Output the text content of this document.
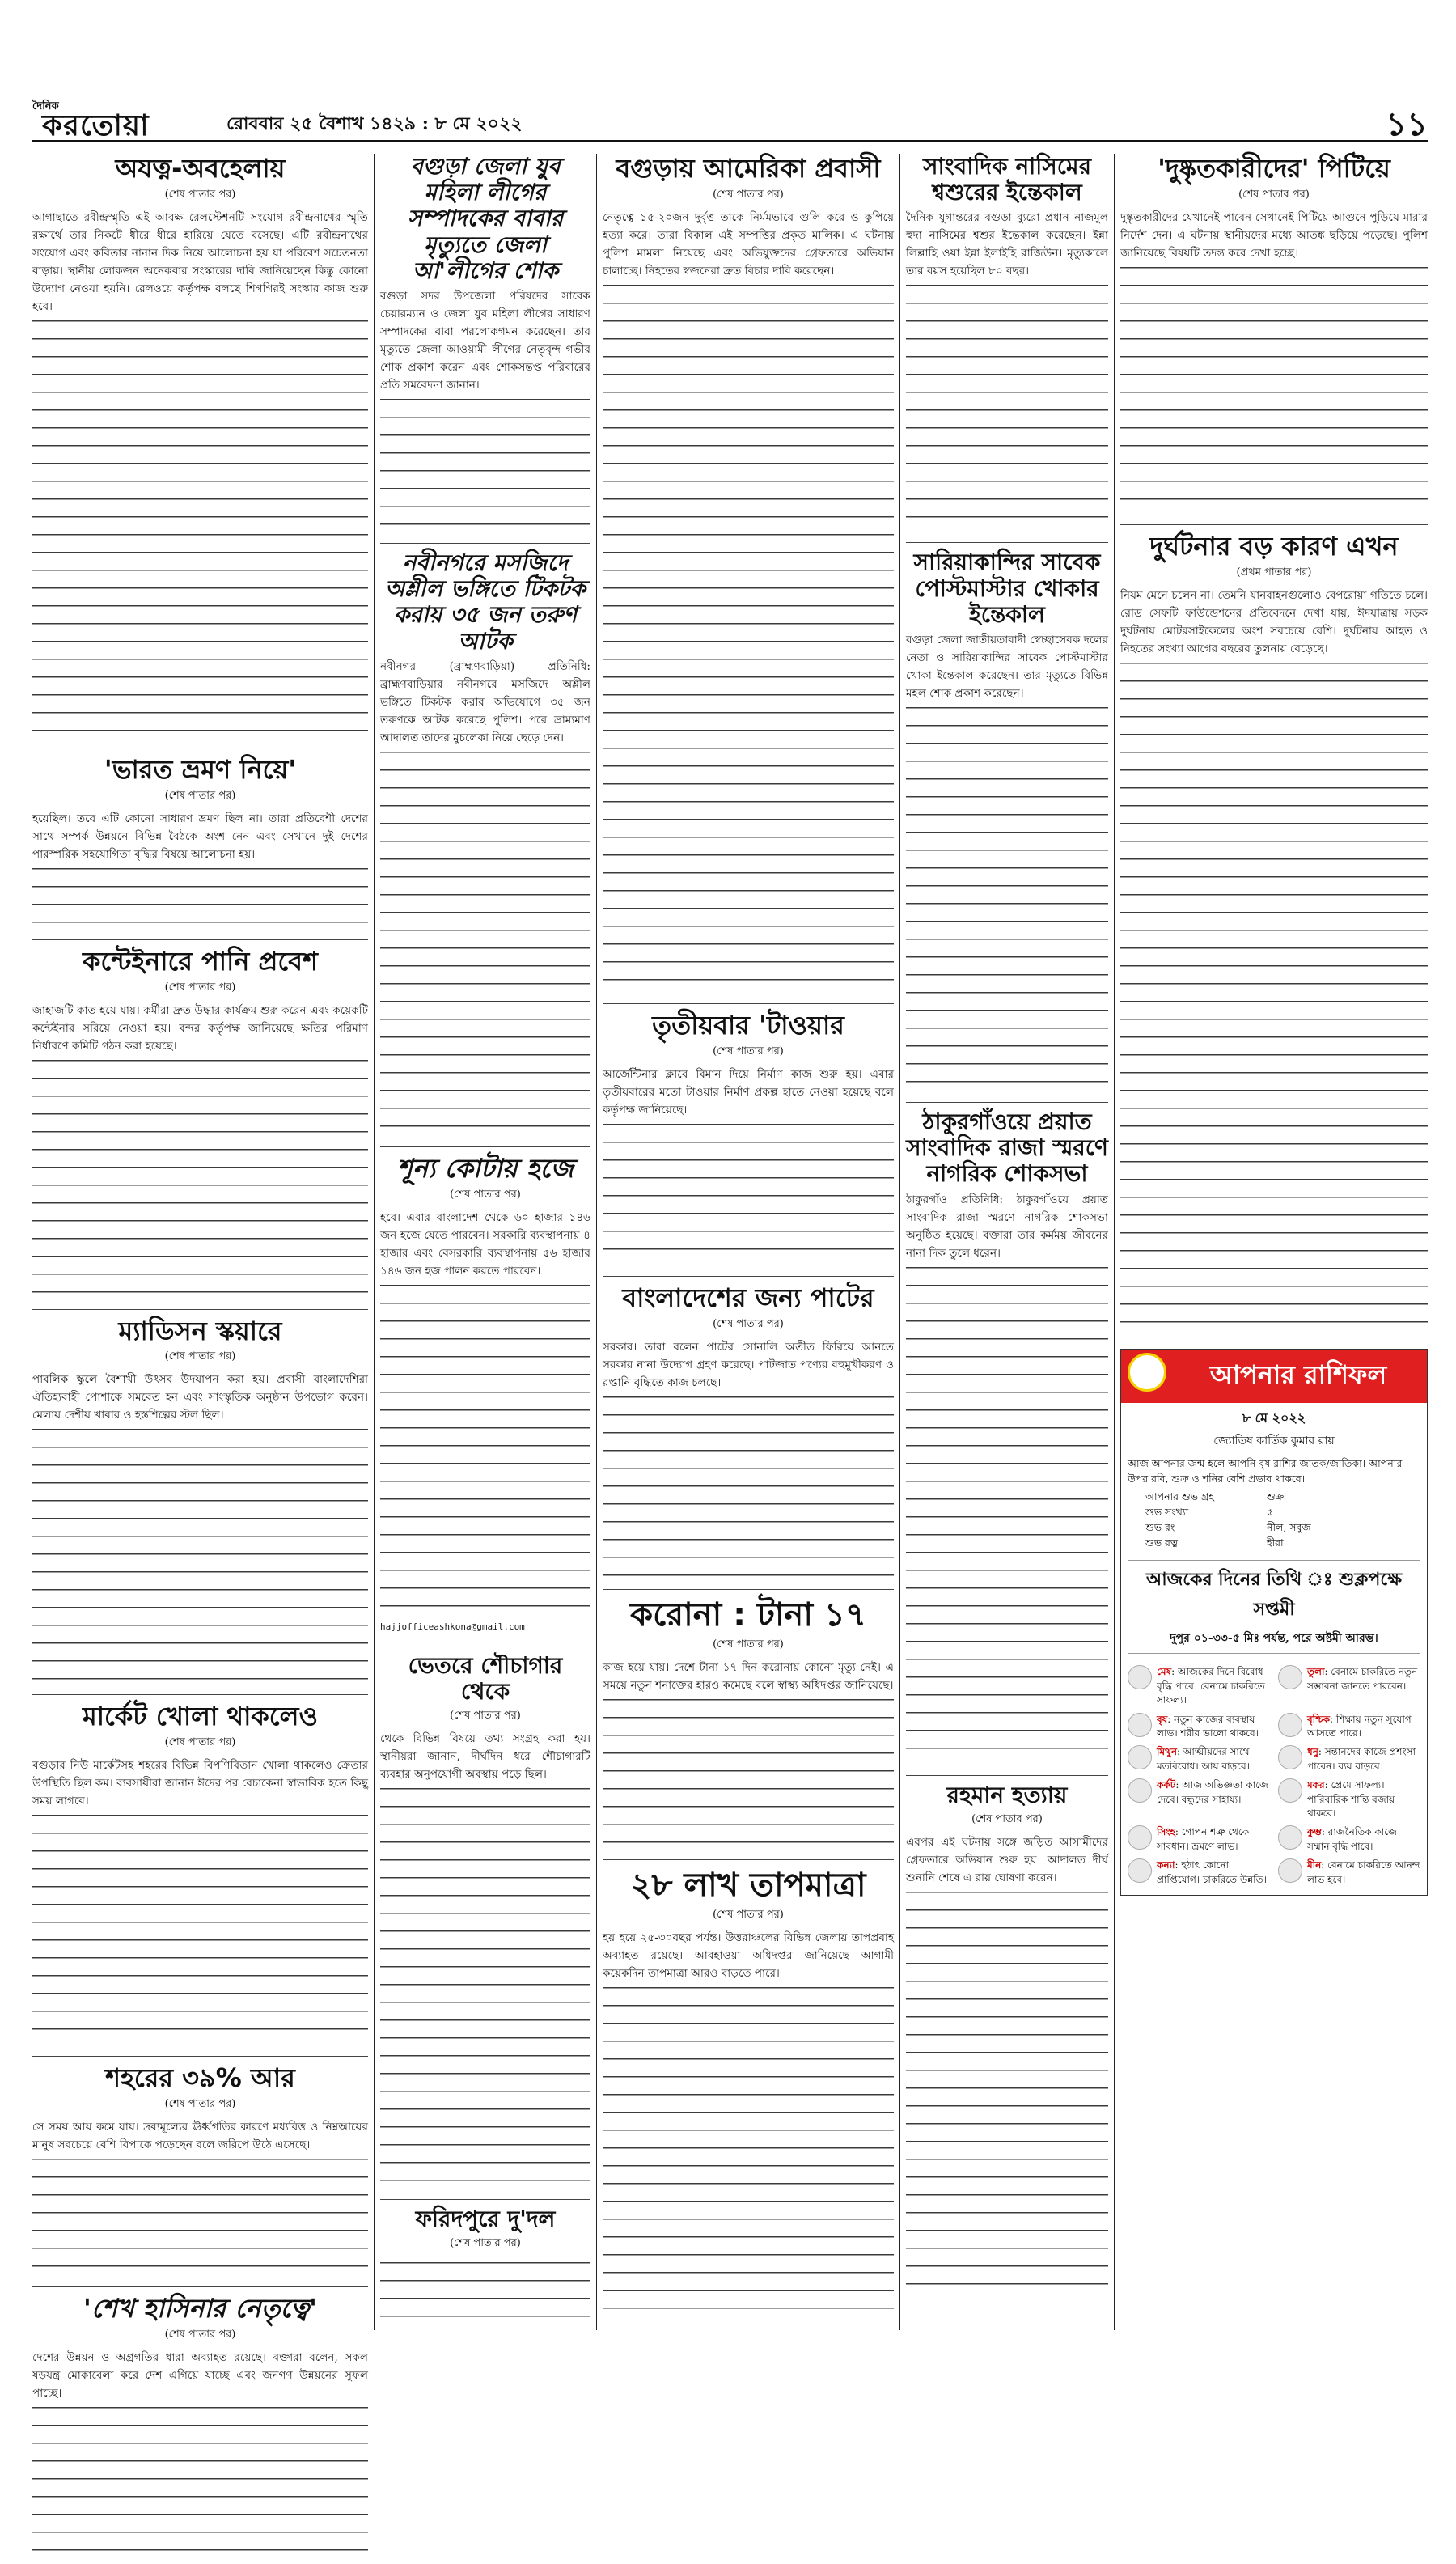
দৈনিক
করতোয়া	রোববার ২৫ বৈশাখ ১৪২৯ : ৮ মে ২০২২	১১
অযত্ন-অবহেলায়
(শেষ পাতার পর)
আগাছাতে রবীন্দ্রস্মৃতি এই আবক্ষ রেলস্টেশনটি সংযোগ রবীন্দ্রনাথের স্মৃতি রক্ষার্থে তার নিকটে ধীরে ধীরে হারিয়ে যেতে বসেছে। এটি রবীন্দ্রনাথের সংযোগ এবং কবিতার নানান দিক নিয়ে আলোচনা হয় যা পরিবেশ সচেতনতা বাড়ায়। স্থানীয় লোকজন অনেকবার সংস্কারের দাবি জানিয়েছেন কিন্তু কোনো উদ্যোগ নেওয়া হয়নি। রেলওয়ে কর্তৃপক্ষ বলছে শিগগিরই সংস্কার কাজ শুরু হবে।
'ভারত ভ্রমণ নিয়ে'
(শেষ পাতার পর)
হয়েছিল। তবে এটি কোনো সাধারণ ভ্রমণ ছিল না। তারা প্রতিবেশী দেশের সাথে সম্পর্ক উন্নয়নে বিভিন্ন বৈঠকে অংশ নেন এবং সেখানে দুই দেশের পারস্পরিক সহযোগিতা বৃদ্ধির বিষয়ে আলোচনা হয়।
কন্টেইনারে পানি প্রবেশ
(শেষ পাতার পর)
জাহাজটি কাত হয়ে যায়। কর্মীরা দ্রুত উদ্ধার কার্যক্রম শুরু করেন এবং কয়েকটি কন্টেইনার সরিয়ে নেওয়া হয়। বন্দর কর্তৃপক্ষ জানিয়েছে ক্ষতির পরিমাণ নির্ধারণে কমিটি গঠন করা হয়েছে।
ম্যাডিসন স্কয়ারে
(শেষ পাতার পর)
পাবলিক স্কুলে বৈশাখী উৎসব উদযাপন করা হয়। প্রবাসী বাংলাদেশিরা ঐতিহ্যবাহী পোশাকে সমবেত হন এবং সাংস্কৃতিক অনুষ্ঠান উপভোগ করেন। মেলায় দেশীয় খাবার ও হস্তশিল্পের স্টল ছিল।
মার্কেট খোলা থাকলেও
(শেষ পাতার পর)
বগুড়ার নিউ মার্কেটসহ শহরের বিভিন্ন বিপণিবিতান খোলা থাকলেও ক্রেতার উপস্থিতি ছিল কম। ব্যবসায়ীরা জানান ঈদের পর বেচাকেনা স্বাভাবিক হতে কিছু সময় লাগবে।
শহরের ৩৯% আর
(শেষ পাতার পর)
সে সময় আয় কমে যায়। দ্রব্যমূল্যের ঊর্ধ্বগতির কারণে মধ্যবিত্ত ও নিম্নআয়ের মানুষ সবচেয়ে বেশি বিপাকে পড়েছেন বলে জরিপে উঠে এসেছে।
'শেখ হাসিনার নেতৃত্বে'
(শেষ পাতার পর)
দেশের উন্নয়ন ও অগ্রগতির ধারা অব্যাহত রয়েছে। বক্তারা বলেন, সকল ষড়যন্ত্র মোকাবেলা করে দেশ এগিয়ে যাচ্ছে এবং জনগণ উন্নয়নের সুফল পাচ্ছে।
বগুড়া জেলা যুব মহিলা লীগের সম্পাদকের বাবার মৃত্যুতে জেলা আ'লীগের শোক
বগুড়া সদর উপজেলা পরিষদের সাবেক চেয়ারম্যান ও জেলা যুব মহিলা লীগের সাধারণ সম্পাদকের বাবা পরলোকগমন করেছেন। তার মৃত্যুতে জেলা আওয়ামী লীগের নেতৃবৃন্দ গভীর শোক প্রকাশ করেন এবং শোকসন্তপ্ত পরিবারের প্রতি সমবেদনা জানান।
নবীনগরে মসজিদে অশ্লীল ভঙ্গিতে টিকটক করায় ৩৫ জন তরুণ আটক
নবীনগর (ব্রাহ্মণবাড়িয়া) প্রতিনিধি: ব্রাহ্মণবাড়িয়ার নবীনগরে মসজিদে অশ্লীল ভঙ্গিতে টিকটক করার অভিযোগে ৩৫ জন তরুণকে আটক করেছে পুলিশ। পরে ভ্রাম্যমাণ আদালত তাদের মুচলেকা নিয়ে ছেড়ে দেন।
শূন্য কোটায় হজে
(শেষ পাতার পর)
হবে। এবার বাংলাদেশ থেকে ৬০ হাজার ১৪৬ জন হজে যেতে পারবেন। সরকারি ব্যবস্থাপনায় ৪ হাজার এবং বেসরকারি ব্যবস্থাপনায় ৫৬ হাজার ১৪৬ জন হজ পালন করতে পারবেন।
hajjofficeashkona@gmail.com
ভেতরে শৌচাগার থেকে
(শেষ পাতার পর)
থেকে বিভিন্ন বিষয়ে তথ্য সংগ্রহ করা হয়। স্থানীয়রা জানান, দীর্ঘদিন ধরে শৌচাগারটি ব্যবহার অনুপযোগী অবস্থায় পড়ে ছিল।
ফরিদপুরে দু'দল
(শেষ পাতার পর)
বগুড়ায় আমেরিকা প্রবাসী
(শেষ পাতার পর)
নেতৃত্বে ১৫-২০জন দুর্বৃত্ত তাকে নির্মমভাবে গুলি করে ও কুপিয়ে হত্যা করে। তারা বিকাল এই সম্পত্তির প্রকৃত মালিক। এ ঘটনায় পুলিশ মামলা নিয়েছে এবং অভিযুক্তদের গ্রেফতারে অভিযান চালাচ্ছে। নিহতের স্বজনেরা দ্রুত বিচার দাবি করেছেন।
তৃতীয়বার 'টাওয়ার
(শেষ পাতার পর)
আর্জেন্টিনার ক্লাবে বিমান দিয়ে নির্মাণ কাজ শুরু হয়। এবার তৃতীয়বারের মতো টাওয়ার নির্মাণ প্রকল্প হাতে নেওয়া হয়েছে বলে কর্তৃপক্ষ জানিয়েছে।
বাংলাদেশের জন্য পাটের
(শেষ পাতার পর)
সরকার। তারা বলেন পাটের সোনালি অতীত ফিরিয়ে আনতে সরকার নানা উদ্যোগ গ্রহণ করেছে। পাটজাত পণ্যের বহুমুখীকরণ ও রপ্তানি বৃদ্ধিতে কাজ চলছে।
করোনা : টানা ১৭
(শেষ পাতার পর)
কাজ হয়ে যায়। দেশে টানা ১৭ দিন করোনায় কোনো মৃত্যু নেই। এ সময়ে নতুন শনাক্তের হারও কমেছে বলে স্বাস্থ্য অধিদপ্তর জানিয়েছে।
২৮ লাখ তাপমাত্রা
(শেষ পাতার পর)
হয় হয়ে ২৫-৩০বছর পর্যন্ত। উত্তরাঞ্চলের বিভিন্ন জেলায় তাপপ্রবাহ অব্যাহত রয়েছে। আবহাওয়া অধিদপ্তর জানিয়েছে আগামী কয়েকদিন তাপমাত্রা আরও বাড়তে পারে।
সাংবাদিক নাসিমের শ্বশুরের ইন্তেকাল
দৈনিক যুগান্তরের বগুড়া ব্যুরো প্রধান নাজমুল হুদা নাসিমের শ্বশুর ইন্তেকাল করেছেন। ইন্না লিল্লাহি ওয়া ইন্না ইলাইহি রাজিউন। মৃত্যুকালে তার বয়স হয়েছিল ৮০ বছর।
সারিয়াকান্দির সাবেক পোস্টমাস্টার খোকার ইন্তেকাল
বগুড়া জেলা জাতীয়তাবাদী স্বেচ্ছাসেবক দলের নেতা ও সারিয়াকান্দির সাবেক পোস্টমাস্টার খোকা ইন্তেকাল করেছেন। তার মৃত্যুতে বিভিন্ন মহল শোক প্রকাশ করেছেন।
ঠাকুরগাঁওয়ে প্রয়াত সাংবাদিক রাজা স্মরণে নাগরিক শোকসভা
ঠাকুরগাঁও প্রতিনিধি: ঠাকুরগাঁওয়ে প্রয়াত সাংবাদিক রাজা স্মরণে নাগরিক শোকসভা অনুষ্ঠিত হয়েছে। বক্তারা তার কর্মময় জীবনের নানা দিক তুলে ধরেন।
রহমান হত্যায়
(শেষ পাতার পর)
এরপর এই ঘটনায় সঙ্গে জড়িত আসামীদের গ্রেফতারে অভিযান শুরু হয়। আদালত দীর্ঘ শুনানি শেষে এ রায় ঘোষণা করেন।
'দুষ্কৃতকারীদের' পিটিয়ে
(শেষ পাতার পর)
দুষ্কৃতকারীদের যেখানেই পাবেন সেখানেই পিটিয়ে আগুনে পুড়িয়ে মারার নির্দেশ দেন। এ ঘটনায় স্থানীয়দের মধ্যে আতঙ্ক ছড়িয়ে পড়েছে। পুলিশ জানিয়েছে বিষয়টি তদন্ত করে দেখা হচ্ছে।
দুর্ঘটনার বড় কারণ এখন
(প্রথম পাতার পর)
নিয়ম মেনে চলেন না। তেমনি যানবাহনগুলোও বেপরোয়া গতিতে চলে। রোড সেফটি ফাউন্ডেশনের প্রতিবেদনে দেখা যায়, ঈদযাত্রায় সড়ক দুর্ঘটনায় মোটরসাইকেলের অংশ সবচেয়ে বেশি। দুর্ঘটনায় আহত ও নিহতের সংখ্যা আগের বছরের তুলনায় বেড়েছে।
আপনার রাশিফল
৮ মে ২০২২
জ্যোতিষ কার্তিক কুমার রায়
আজ আপনার জন্ম হলে আপনি বৃষ রাশির জাতক/জাতিকা। আপনার উপর রবি, শুক্র ও শনির বেশি প্রভাব থাকবে।
আপনার শুভ গ্রহ	শুক্র
শুভ সংখ্যা	৫
শুভ রং	নীল, সবুজ
শুভ রত্ন	হীরা
আজকের দিনের তিথি ঃ শুক্লপক্ষে সপ্তমী
দুপুর ০১-৩৩-৫ মিঃ পর্যন্ত, পরে অষ্টমী আরম্ভ।
মেষ: আজকের দিনে বিরোধ বৃদ্ধি পাবে। বেনামে চাকরিতে সাফল্য।
তুলা: বেনামে চাকরিতে নতুন সম্ভাবনা জানতে পারবেন।
বৃষ: নতুন কাজের ব্যবস্থায় লাভ। শরীর ভালো থাকবে।
বৃশ্চিক: শিক্ষায় নতুন সুযোগ আসতে পারে।
মিথুন: আত্মীয়দের সাথে মতবিরোধ। আয় বাড়বে।
ধনু: সন্তানদের কাজে প্রশংসা পাবেন। ব্যয় বাড়বে।
কর্কট: আজ অভিজ্ঞতা কাজে দেবে। বন্ধুদের সাহায্য।
মকর: প্রেমে সাফল্য। পারিবারিক শান্তি বজায় থাকবে।
সিংহ: গোপন শত্রু থেকে সাবধান। ভ্রমণে লাভ।
কুম্ভ: রাজনৈতিক কাজে সম্মান বৃদ্ধি পাবে।
কন্যা: হঠাৎ কোনো প্রাপ্তিযোগ। চাকরিতে উন্নতি।
মীন: বেনামে চাকরিতে আনন্দ লাভ হবে।
